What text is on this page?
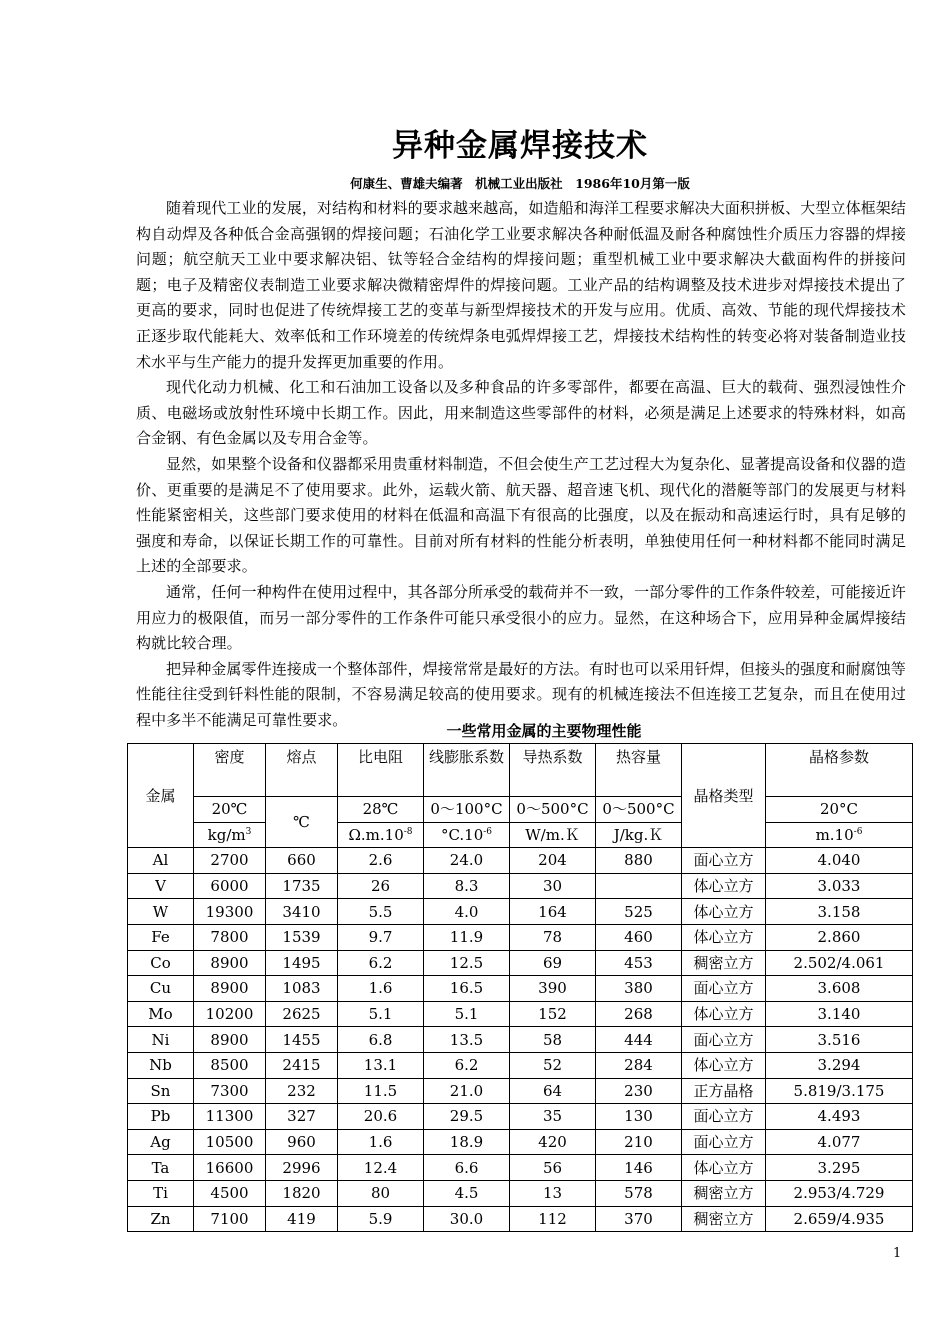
异种金属焊接技术
何康生、曹雄夫编著　机械工业出版社　1986年10月第一版

随着现代工业的发展，对结构和材料的要求越来越高，如造船和海洋工程要求解决大面积拼板、大型立体框架结构自动焊及各种低合金高强钢的焊接问题；石油化学工业要求解决各种耐低温及耐各种腐蚀性介质压力容器的焊接问题；航空航天工业中要求解决铝、钛等轻合金结构的焊接问题；重型机械工业中要求解决大截面构件的拼接问题；电子及精密仪表制造工业要求解决微精密焊件的焊接问题。工业产品的结构调整及技术进步对焊接技术提出了更高的要求，同时也促进了传统焊接工艺的变革与新型焊接技术的开发与应用。优质、高效、节能的现代焊接技术正逐步取代能耗大、效率低和工作环境差的传统焊条电弧焊焊接工艺，焊接技术结构性的转变必将对装备制造业技术水平与生产能力的提升发挥更加重要的作用。

现代化动力机械、化工和石油加工设备以及多种食品的许多零部件，都要在高温、巨大的载荷、强烈浸蚀性介质、电磁场或放射性环境中长期工作。因此，用来制造这些零部件的材料，必须是满足上述要求的特殊材料，如高合金钢、有色金属以及专用合金等。

显然，如果整个设备和仪器都采用贵重材料制造，不但会使生产工艺过程大为复杂化、显著提高设备和仪器的造价、更重要的是满足不了使用要求。此外，运载火箭、航天器、超音速飞机、现代化的潜艇等部门的发展更与材料性能紧密相关，这些部门要求使用的材料在低温和高温下有很高的比强度，以及在振动和高速运行时，具有足够的强度和寿命，以保证长期工作的可靠性。目前对所有材料的性能分析表明，单独使用任何一种材料都不能同时满足上述的全部要求。

通常，任何一种构件在使用过程中，其各部分所承受的载荷并不一致，一部分零件的工作条件较差，可能接近许用应力的极限值，而另一部分零件的工作条件可能只承受很小的应力。显然，在这种场合下，应用异种金属焊接结构就比较合理。

把异种金属零件连接成一个整体部件，焊接常常是最好的方法。有时也可以采用钎焊，但接头的强度和耐腐蚀等性能往往受到钎料性能的限制，不容易满足较高的使用要求。现有的机械连接法不但连接工艺复杂，而且在使用过程中多半不能满足可靠性要求。

一些常用金属的主要物理性能
金属	密度	熔点	比电阻	线膨胀系数	导热系数	热容量	晶格类型	晶格参数
	20℃	℃	28℃	0～100°C	0～500°C	0～500°C		20°C
	$kg/m^3$		$\Omega.m.10^{-8}$	$^\circ C.10^{-6}$	W/m.Ｋ	J/kg.Ｋ		$m.10^{-6}$
Al	2700	660	2.6	24.0	204	880	面心立方	4.040
V	6000	1735	26	8.3	30		体心立方	3.033
W	19300	3410	5.5	4.0	164	525	体心立方	3.158
Fe	7800	1539	9.7	11.9	78	460	体心立方	2.860
Co	8900	1495	6.2	12.5	69	453	稠密立方	2.502/4.061
Cu	8900	1083	1.6	16.5	390	380	面心立方	3.608
Mo	10200	2625	5.1	5.1	152	268	体心立方	3.140
Ni	8900	1455	6.8	13.5	58	444	面心立方	3.516
Nb	8500	2415	13.1	6.2	52	284	体心立方	3.294
Sn	7300	232	11.5	21.0	64	230	正方晶格	5.819/3.175
Pb	11300	327	20.6	29.5	35	130	面心立方	4.493
Ag	10500	960	1.6	18.9	420	210	面心立方	4.077
Ta	16600	2996	12.4	6.6	56	146	体心立方	3.295
Ti	4500	1820	80	4.5	13	578	稠密立方	2.953/4.729
Zn	7100	419	5.9	30.0	112	370	稠密立方	2.659/4.935
1
